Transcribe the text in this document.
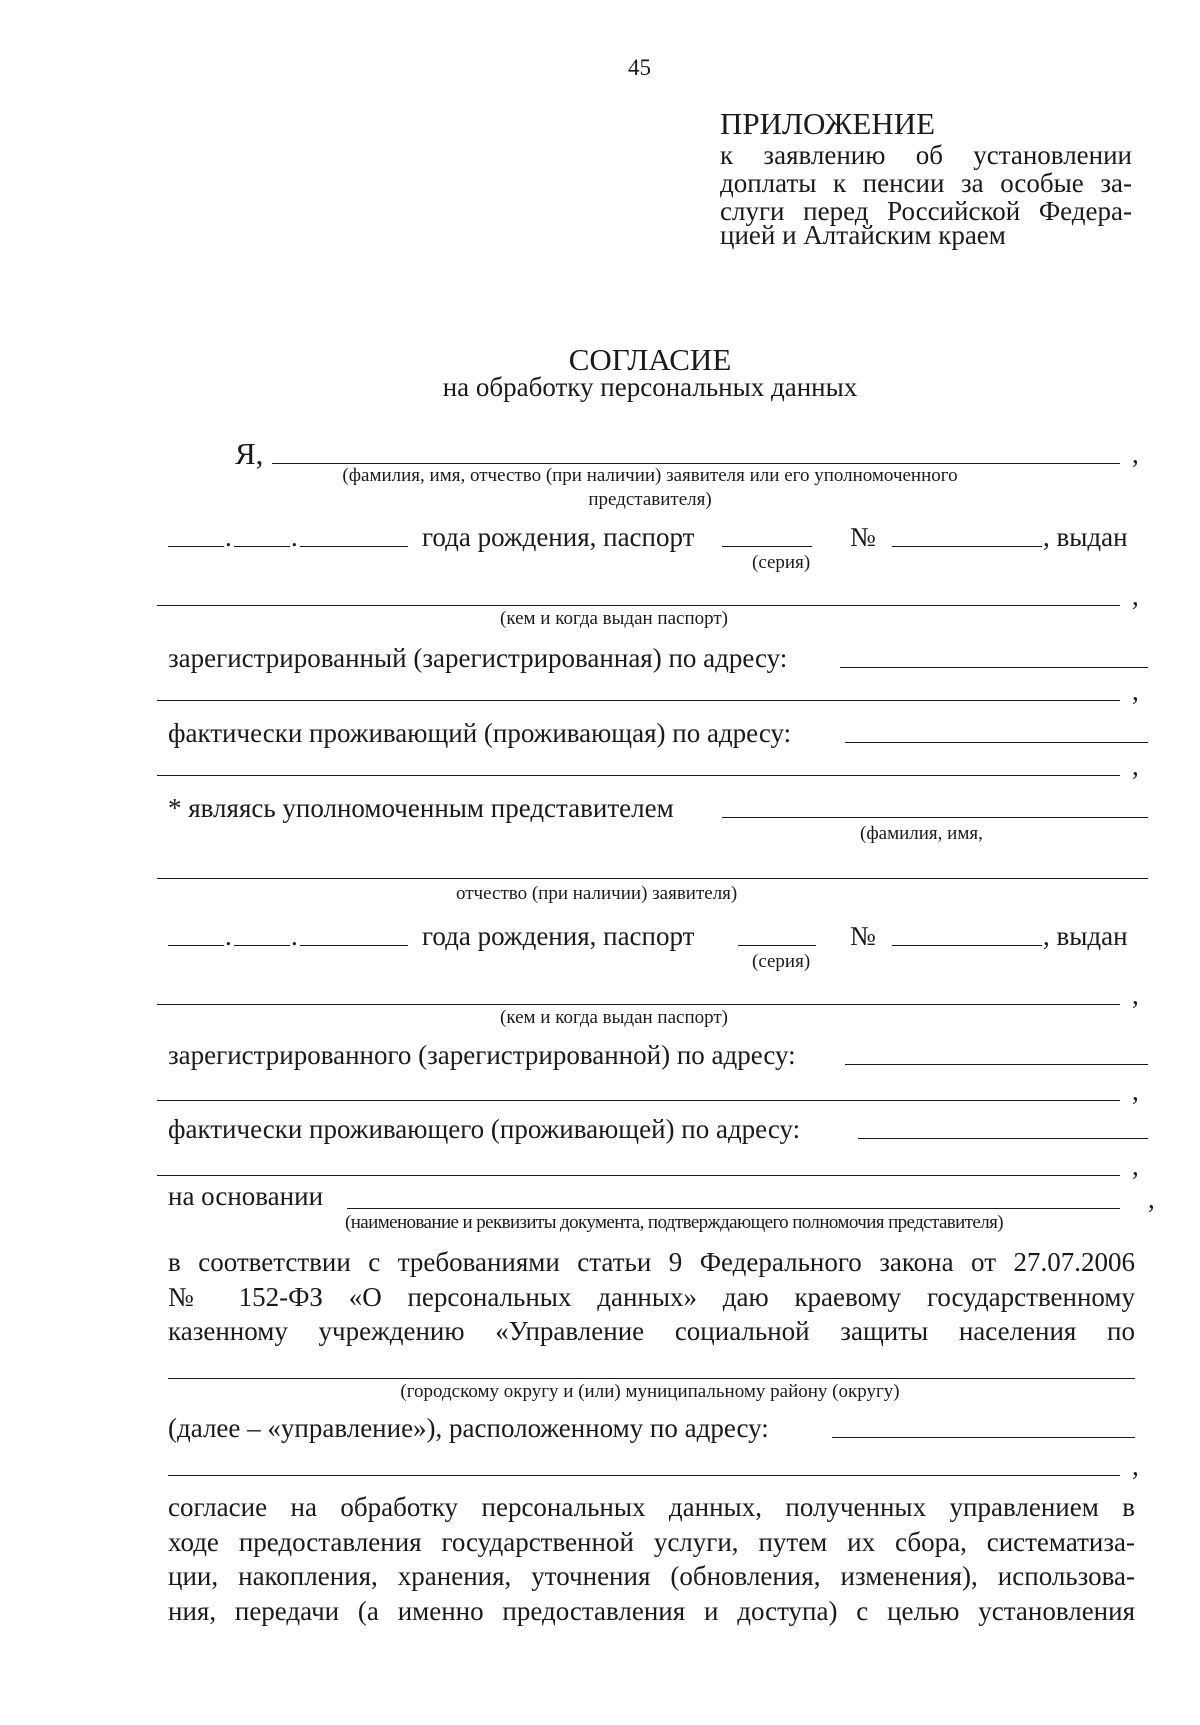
45
ПРИЛОЖЕНИЕ
к заявлению об установлении
доплаты к пенсии за особые за-
слуги перед Российской Федера-
цией и Алтайским краем
СОГЛАСИЕ
на обработку персональных данных
Я,	,
(фамилия, имя, отчество (при наличии) заявителя или его уполномоченного
представителя)
. .	года рождения, паспорт	№	, выдан
(серия)
,
(кем и когда выдан паспорт)
зарегистрированный (зарегистрированная) по адресу:
,
фактически проживающий (проживающая) по адресу:
,
* являясь уполномоченным представителем
(фамилия, имя,
отчество (при наличии) заявителя)
. .	года рождения, паспорт	№	, выдан
(серия)
,
(кем и когда выдан паспорт)
зарегистрированного (зарегистрированной) по адресу:
,
фактически проживающего (проживающей) по адресу:
,
на основании	,
(наименование и реквизиты документа, подтверждающего полномочия представителя)
в соответствии с требованиями статьи 9 Федерального закона от 27.07.2006
№ 152-ФЗ «О персональных данных» даю краевому государственному
казенному учреждению «Управление социальной защиты населения по
(городскому округу и (или) муниципальному району (округу)
(далее – «управление»), расположенному по адресу:
,
согласие на обработку персональных данных, полученных управлением в
ходе предоставления государственной услуги, путем их сбора, систематиза-
ции, накопления, хранения, уточнения (обновления, изменения), использова-
ния, передачи (а именно предоставления и доступа) с целью установления
